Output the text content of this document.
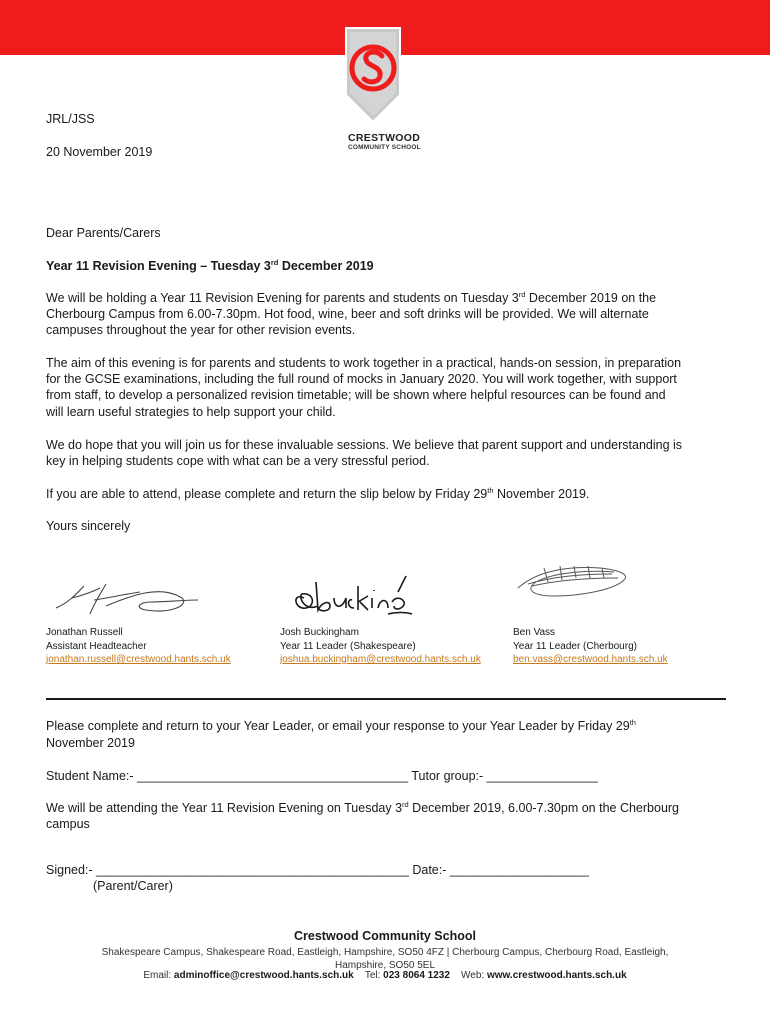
CRESTWOOD
COMMUNITY SCHOOL
JRL/JSS
20 November 2019
Dear Parents/Carers
Year 11 Revision Evening – Tuesday 3rd December 2019
We will be holding a Year 11 Revision Evening for parents and students on Tuesday 3rd December 2019 on the
Cherbourg Campus from 6.00-7.30pm. Hot food, wine, beer and soft drinks will be provided. We will alternate
campuses throughout the year for other revision events.
The aim of this evening is for parents and students to work together in a practical, hands-on session, in preparation
for the GCSE examinations, including the full round of mocks in January 2020. You will work together, with support
from staff, to develop a personalized revision timetable; will be shown where helpful resources can be found and
will learn useful strategies to help support your child.
We do hope that you will join us for these invaluable sessions. We believe that parent support and understanding is
key in helping students cope with what can be a very stressful period.
If you are able to attend, please complete and return the slip below by Friday 29th November 2019.
Yours sincerely
Jonathan Russell
Assistant Headteacher
jonathan.russell@crestwood.hants.sch.uk
Josh Buckingham
Year 11 Leader (Shakespeare)
joshua.buckingham@crestwood.hants.sch.uk
Ben Vass
Year 11 Leader (Cherbourg)
ben.vass@crestwood.hants.sch.uk
Please complete and return to your Year Leader, or email your response to your Year Leader by Friday 29th
November 2019
Student Name:- _______________________________________ Tutor group:- ________________
We will be attending the Year 11 Revision Evening on Tuesday 3rd December 2019, 6.00-7.30pm on the Cherbourg
campus
Signed:- _____________________________________________ Date:- ____________________
(Parent/Carer)
Crestwood Community School
Shakespeare Campus, Shakespeare Road, Eastleigh, Hampshire, SO50 4FZ | Cherbourg Campus, Cherbourg Road, Eastleigh,
Hampshire, SO50 5EL
Email: adminoffice@crestwood.hants.sch.uk Tel: 023 8064 1232 Web: www.crestwood.hants.sch.uk
